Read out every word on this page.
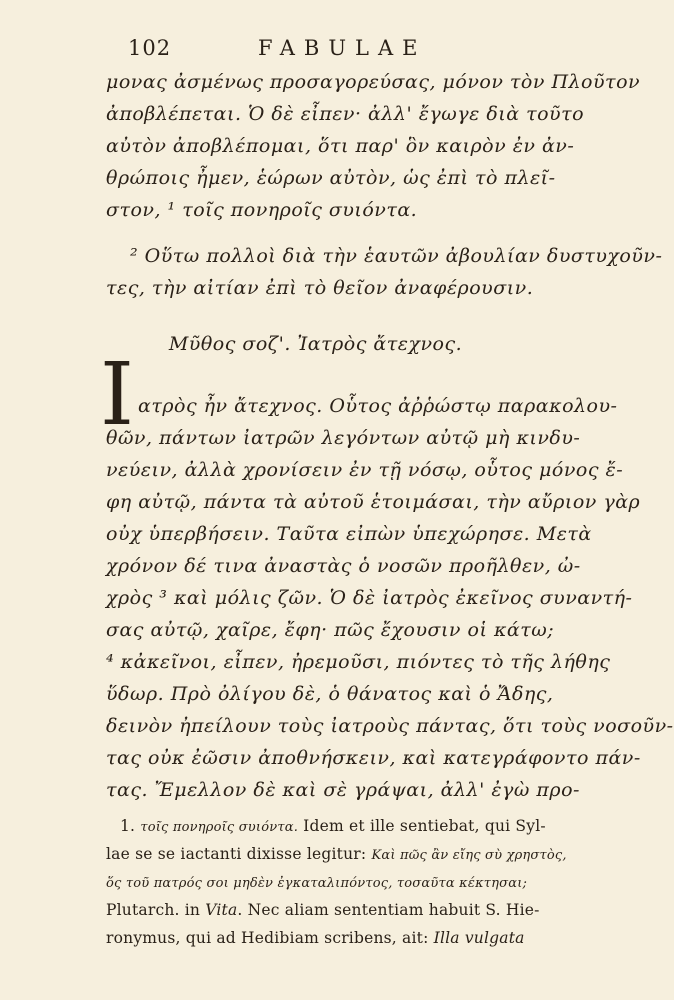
102	FABULAE
μονας ἀσμένως προσαγορεύσας, μόνον τὸν Πλοῦτον
ἀποβλέπεται. Ὁ δὲ εἶπεν· ἀλλ' ἔγωγε διὰ τοῦτο
αὐτὸν ἀποβλέπομαι, ὅτι παρ' ὃν καιρὸν ἐν ἀν-
θρώποις ἦμεν, ἑώρων αὐτὸν, ὡς ἐπὶ τὸ πλεῖ-
στον, ¹ τοῖς πονηροῖς συιόντα.
² Οὕτω πολλοὶ διὰ τὴν ἑαυτῶν ἀβουλίαν δυστυχοῦν-
τες, τὴν αἰτίαν ἐπὶ τὸ θεῖον ἀναφέρουσιν.
Μῦθος σοζ'. Ἰατρὸς ἄτεχνος.
Ι ατρὸς ἦν ἄτεχνος. Οὗτος ἀῤῥώστῳ παρακολου-
θῶν, πάντων ἰατρῶν λεγόντων αὐτῷ μὴ κινδυ-
νεύειν, ἀλλὰ χρονίσειν ἐν τῇ νόσῳ, οὗτος μόνος ἔ-
φη αὐτῷ, πάντα τὰ αὐτοῦ ἑτοιμάσαι, τὴν αὔριον γὰρ
οὐχ ὑπερβήσειν. Ταῦτα εἰπὼν ὑπεχώρησε. Μετὰ
χρόνον δέ τινα ἀναστὰς ὁ νοσῶν προῆλθεν, ὠ-
χρὸς ³ καὶ μόλις ζῶν. Ὁ δὲ ἰατρὸς ἐκεῖνος συναντή-
σας αὐτῷ, χαῖρε, ἔφη· πῶς ἔχουσιν οἱ κάτω;
⁴ κἀκεῖνοι, εἶπεν, ἠρεμοῦσι, πιόντες τὸ τῆς λήθης
ὕδωρ. Πρὸ ὀλίγου δὲ, ὁ θάνατος καὶ ὁ Ἄδης,
δεινὸν ἠπείλουν τοὺς ἰατροὺς πάντας, ὅτι τοὺς νοσοῦν-
τας οὐκ ἐῶσιν ἀποθνήσκειν, καὶ κατεγράφοντο πάν-
τας. Ἔμελλον δὲ καὶ σὲ γράψαι, ἀλλ' ἐγὼ προ-
1. τοῖς πονηροῖς συιόντα. Idem et ille sentiebat, qui Syl-
lae se se iactanti dixisse legitur: Καὶ πῶς ἂν εἴης σὺ χρηστὸς,
ὅς τοῦ πατρός σοι μηδὲν ἐγκαταλιπόντος, τοσαῦτα κέκτησαι;
Plutarch. in Vita. Nec aliam sententiam habuit S. Hie-
ronymus, qui ad Hedibiam scribens, ait: Illa vulgata
